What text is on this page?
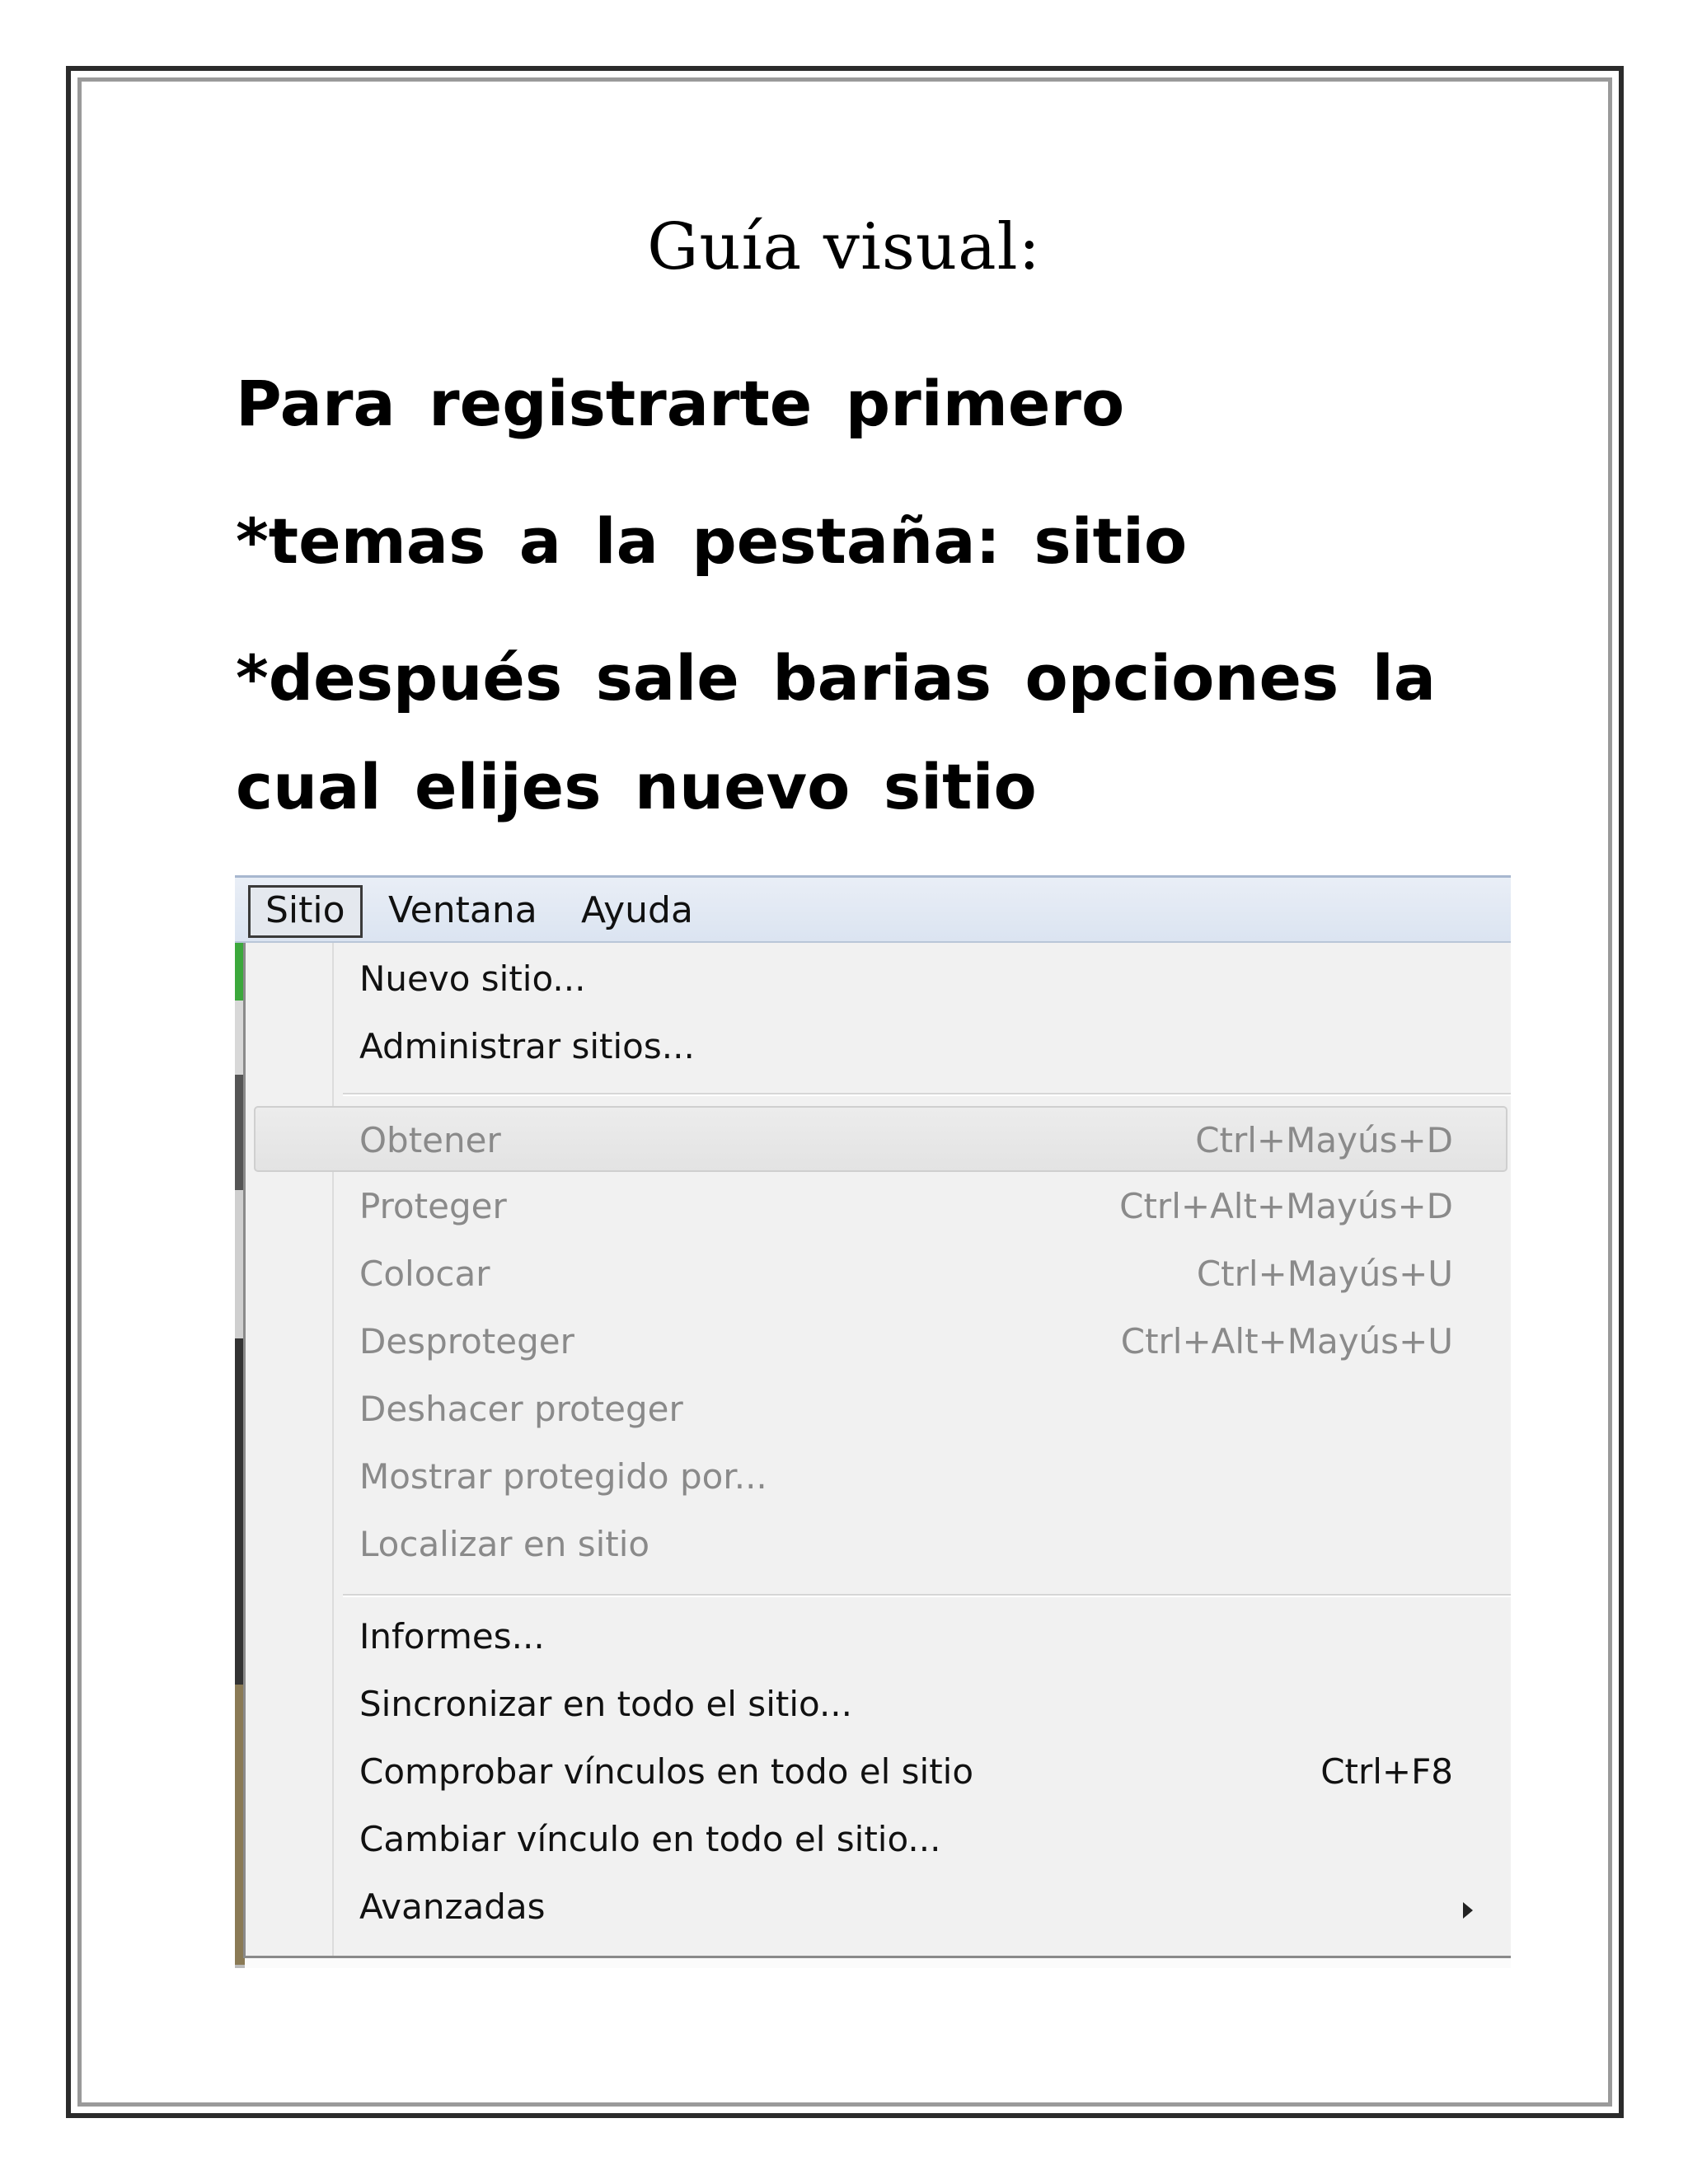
Guía visual:
Para registrarte primero
*temas a la pestaña: sitio
*después sale barias opciones la
cual elijes nuevo sitio
Sitio	Ventana Ayuda
Nuevo sitio...
Administrar sitios...
Obtener	Ctrl+Mayús+D
Proteger	Ctrl+Alt+Mayús+D
Colocar	Ctrl+Mayús+U
Desproteger	Ctrl+Alt+Mayús+U
Deshacer proteger
Mostrar protegido por...
Localizar en sitio
Informes...
Sincronizar en todo el sitio...
Comprobar vínculos en todo el sitio	Ctrl+F8
Cambiar vínculo en todo el sitio...
Avanzadas
